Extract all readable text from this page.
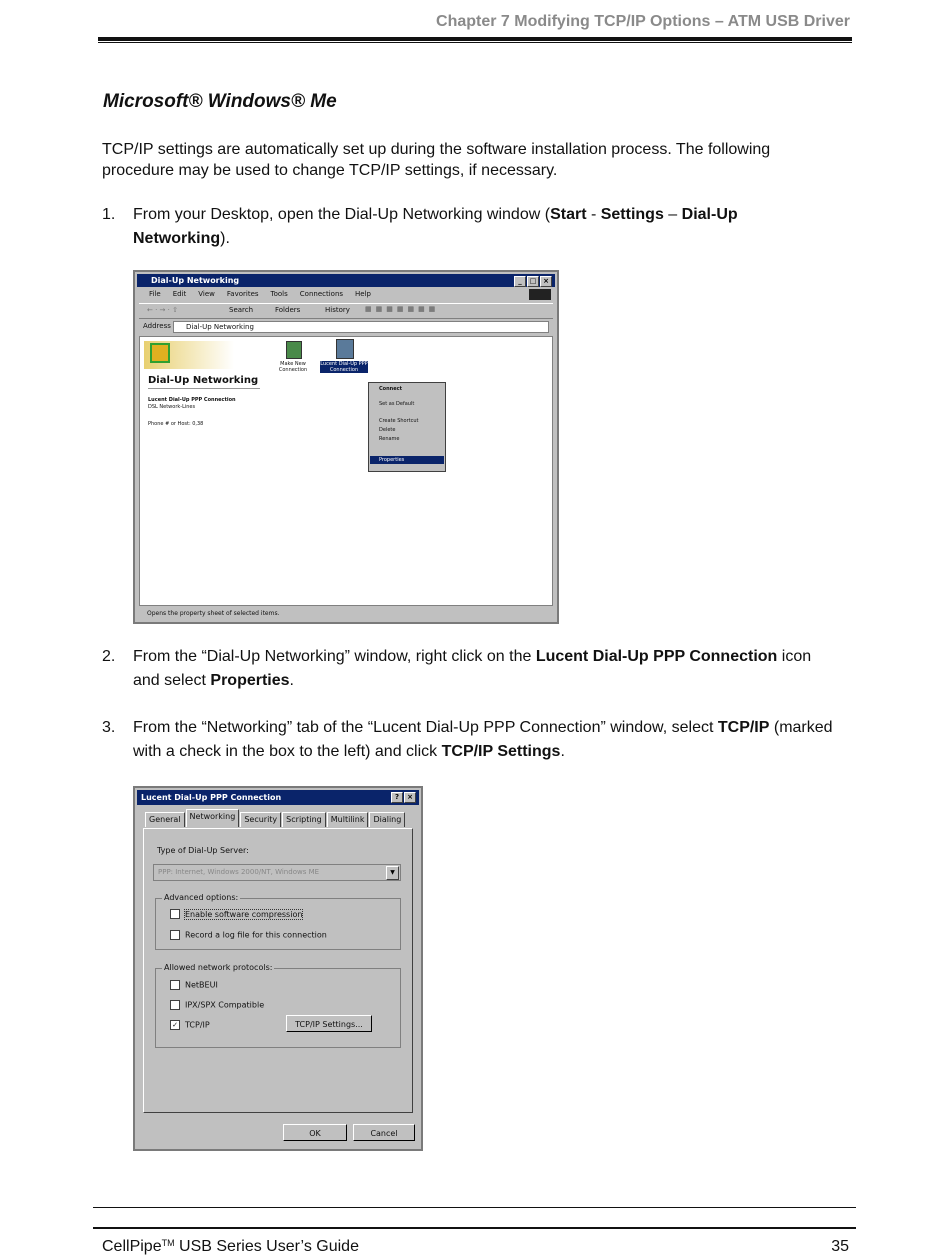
Chapter 7 Modifying TCP/IP Options – ATM USB Driver
Microsoft® Windows® Me
TCP/IP settings are automatically set up during the software installation process. The following procedure may be used to change TCP/IP settings, if necessary.
1. From your Desktop, open the Dial-Up Networking window (Start - Settings – Dial-Up Networking).
Dial-Up Networking	_	□ ×
File Edit View Favorites Tools Connections Help
← · → · ⇧	Search	Folders	History ▦▦▦▦▦▦▦
Address	Dial-Up Networking
Dial-Up Networking
Lucent Dial-Up PPP Connection
DSL Network-Lines
Phone # or Host: 0,38
Make New Connection
Lucent Dial-Up PPP Connection
Connect
Set as Default
Create Shortcut
Delete
Rename
Properties
Opens the property sheet of selected items.
2. From the “Dial-Up Networking” window, right click on the Lucent Dial-Up PPP Connection icon and select Properties.
3. From the “Networking” tab of the “Lucent Dial-Up PPP Connection” window, select TCP/IP (marked with a check in the box to the left) and click TCP/IP Settings.
Lucent Dial-Up PPP Connection	?	×
General	Networking	Security	Scripting	Multilink	Dialing
Type of Dial-Up Server:
PPP: Internet, Windows 2000/NT, Windows ME	▼
Advanced options:
Enable software compression
Record a log file for this connection
Allowed network protocols:
NetBEUI
IPX/SPX Compatible
✓ TCP/IP	TCP/IP Settings...
OK	Cancel
CellPipe™ USB Series User’s Guide	35
